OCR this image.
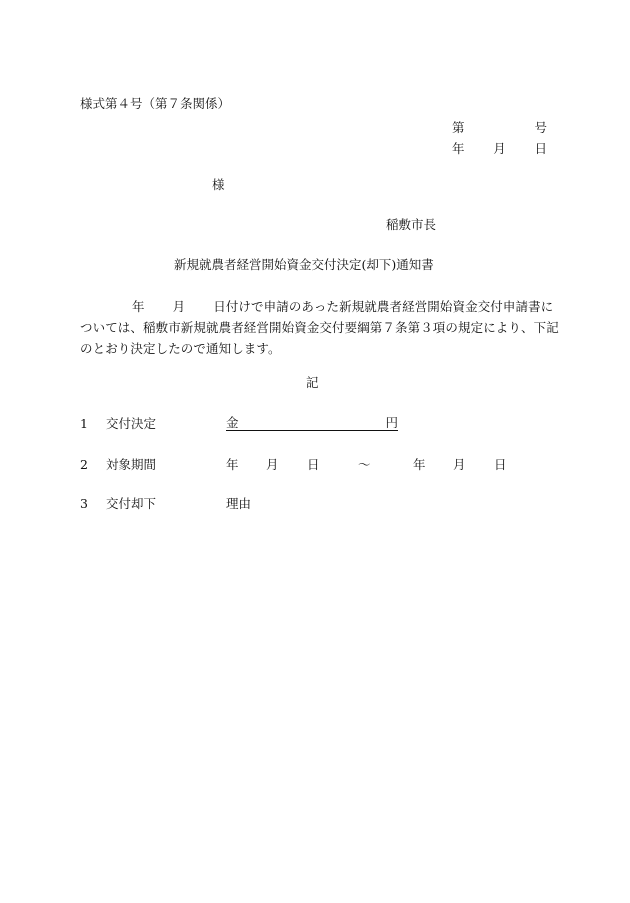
様式第４号（第７条関係）
第	号
年 月 日
様
稲敷市長
新規就農者経営開始資金交付決定(却下)通知書
年 月 日付けで申請のあった新規就農者経営開始資金交付申請書については、稲敷市新規就農者経営開始資金交付要綱第７条第３項の規定により、下記のとおり決定したので通知します。
記
1 交付決定	金	円
2 対象期間	年 月 日	～	年 月 日
3 交付却下	理由
